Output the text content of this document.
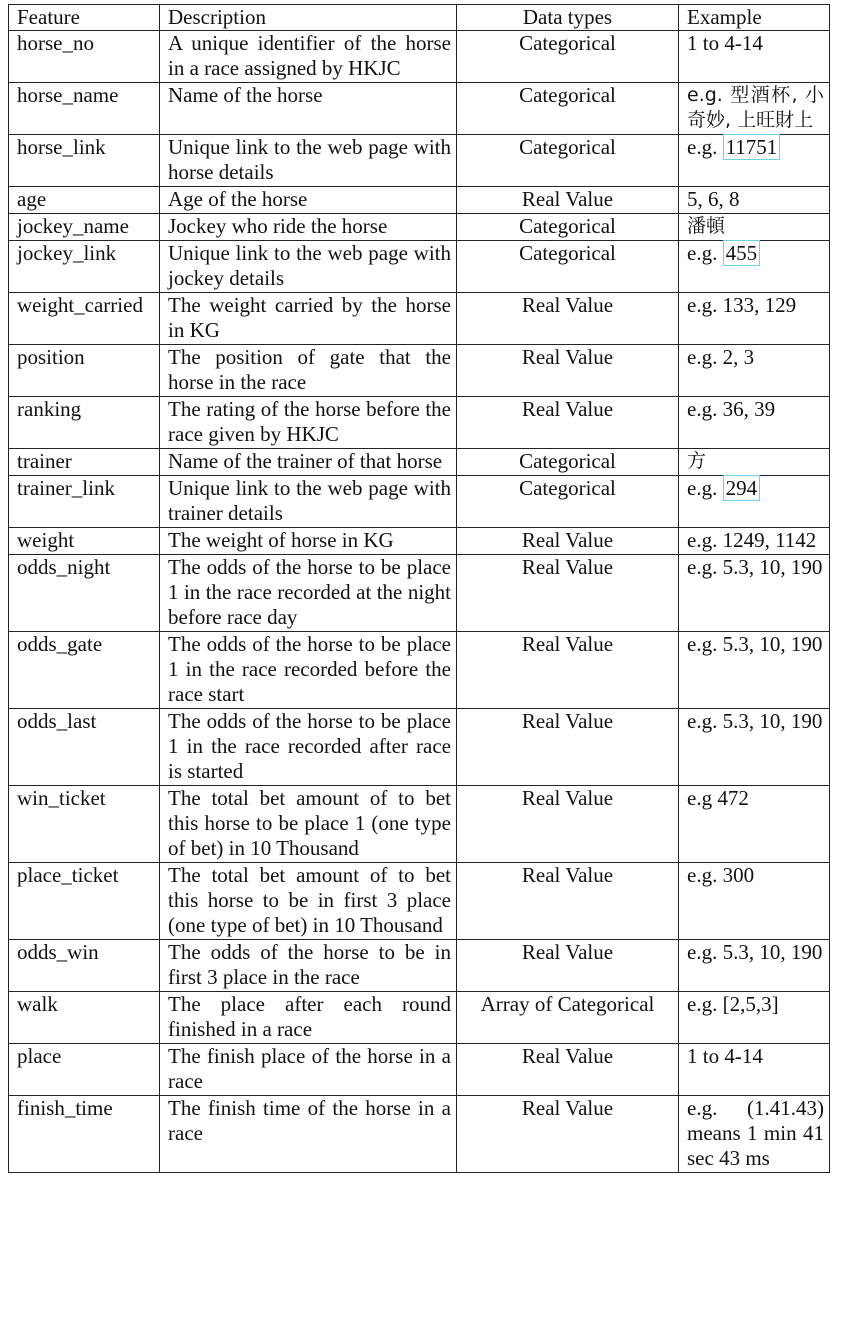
Feature	Description	Data types	Example
horse_no	A unique identifier of the horse in a race assigned by HKJC	Categorical	1 to 4-14
horse_name	Name of the horse	Categorical	e.g. 型酒杯, 小奇妙, 上旺財上
horse_link	Unique link to the web page with horse details	Categorical	e.g. 11751
age	Age of the horse	Real Value	5, 6, 8
jockey_name	Jockey who ride the horse	Categorical	潘頓
jockey_link	Unique link to the web page with jockey details	Categorical	e.g. 455
weight_carried	The weight carried by the horse in KG	Real Value	e.g. 133, 129
position	The position of gate that the horse in the race	Real Value	e.g. 2, 3
ranking	The rating of the horse before the race given by HKJC	Real Value	e.g. 36, 39
trainer	Name of the trainer of that horse	Categorical	方
trainer_link	Unique link to the web page with trainer details	Categorical	e.g. 294
weight	The weight of horse in KG	Real Value	e.g. 1249, 1142
odds_night	The odds of the horse to be place 1 in the race recorded at the night before race day	Real Value	e.g. 5.3, 10, 190
odds_gate	The odds of the horse to be place 1 in the race recorded before the race start	Real Value	e.g. 5.3, 10, 190
odds_last	The odds of the horse to be place 1 in the race recorded after race is started	Real Value	e.g. 5.3, 10, 190
win_ticket	The total bet amount of to bet this horse to be place 1 (one type of bet) in 10 Thousand	Real Value	e.g 472
place_ticket	The total bet amount of to bet this horse to be in first 3 place (one type of bet) in 10 Thousand	Real Value	e.g. 300
odds_win	The odds of the horse to be in first 3 place in the race	Real Value	e.g. 5.3, 10, 190
walk	The place after each round finished in a race	Array of Categorical	e.g. [2,5,3]
place	The finish place of the horse in a race	Real Value	1 to 4-14
finish_time	The finish time of the horse in a race	Real Value	e.g. (1.41.43) means 1 min 41 sec 43 ms
